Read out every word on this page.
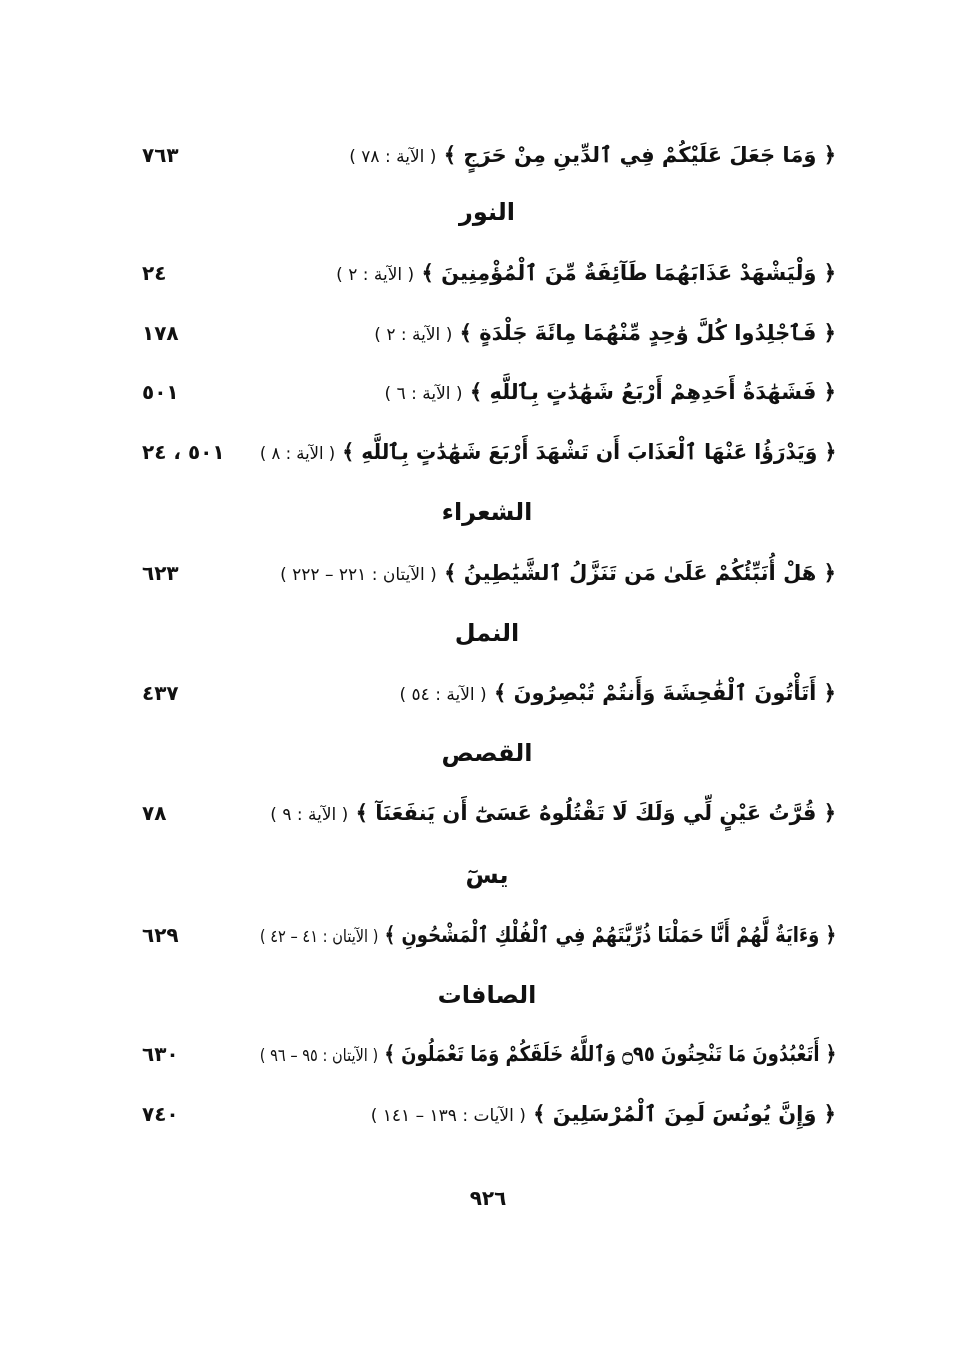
﴿ وَمَا جَعَلَ عَلَيْكُمْ فِي ٱلدِّينِ مِنْ حَرَجٍ ﴾ ( الآية : ٧٨ )
٧٦٣
النور
﴿ وَلْيَشْهَدْ عَذَابَهُمَا طَآئِفَةٌ مِّنَ ٱلْمُؤْمِنِينَ ﴾ ( الآية : ٢ )
٢٤
﴿ فَٱجْلِدُوا كُلَّ وَٰحِدٍ مِّنْهُمَا مِائَةَ جَلْدَةٍ ﴾ ( الآية : ٢ )
١٧٨
﴿ فَشَهَٰدَةُ أَحَدِهِمْ أَرْبَعُ شَهَٰدَٰتٍ بِٱللَّهِ ﴾ ( الآية : ٦ )
٥٠١
﴿ وَيَدْرَؤُا عَنْهَا ٱلْعَذَابَ أَن تَشْهَدَ أَرْبَعَ شَهَٰدَٰتٍ بِٱللَّهِ ﴾ ( الآية : ٨ )
٥٠١ ، ٢٤
الشعراء
﴿ هَلْ أُنَبِّئُكُمْ عَلَىٰ مَن تَنَزَّلُ ٱلشَّيَٰطِينُ ﴾ ( الآيتان : ٢٢١ – ٢٢٢ )
٦٢٣
النمل
﴿ أَتَأْتُونَ ٱلْفَٰحِشَةَ وَأَنتُمْ تُبْصِرُونَ ﴾ ( الآية : ٥٤ )
٤٣٧
القصص
﴿ قُرَّتُ عَيْنٍ لِّي وَلَكَ لَا تَقْتُلُوهُ عَسَىٰٓ أَن يَنفَعَنَآ ﴾ ( الآية : ٩ )
٧٨
يسٓ
﴿ وَءَايَةٌ لَّهُمْ أَنَّا حَمَلْنَا ذُرِّيَّتَهُمْ فِي ٱلْفُلْكِ ٱلْمَشْحُونِ ﴾ ( الآيتان : ٤١ – ٤٢ )
٦٢٩
الصافات
﴿ أَتَعْبُدُونَ مَا تَنْحِتُونَ ۝٩٥ وَٱللَّهُ خَلَقَكُمْ وَمَا تَعْمَلُونَ ﴾ ( الآيتان : ٩٥ – ٩٦ )
٦٣٠
﴿ وَإِنَّ يُونُسَ لَمِنَ ٱلْمُرْسَلِينَ ﴾ ( الآيات : ١٣٩ – ١٤١ )
٧٤٠
٩٢٦
